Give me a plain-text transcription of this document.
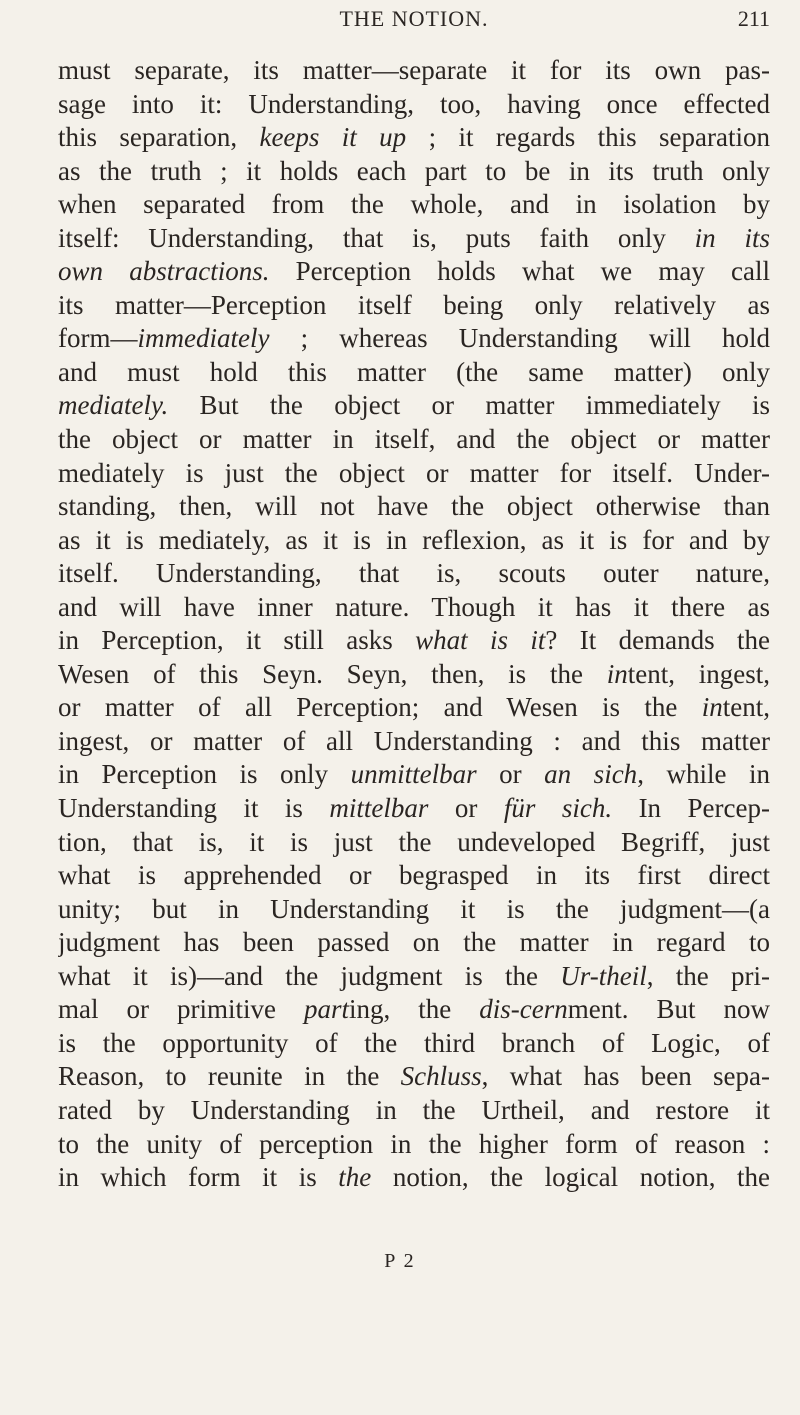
THE NOTION.	211
must separate, its matter—separate it for its own pas-
sage into it: Understanding, too, having once effected
this separation, keeps it up ; it regards this separation
as the truth ; it holds each part to be in its truth only
when separated from the whole, and in isolation by
itself: Understanding, that is, puts faith only in its
own abstractions. Perception holds what we may call
its matter—Perception itself being only relatively as
form—immediately ; whereas Understanding will hold
and must hold this matter (the same matter) only
mediately. But the object or matter immediately is
the object or matter in itself, and the object or matter
mediately is just the object or matter for itself. Under-
standing, then, will not have the object otherwise than
as it is mediately, as it is in reflexion, as it is for and by
itself. Understanding, that is, scouts outer nature,
and will have inner nature. Though it has it there as
in Perception, it still asks what is it? It demands the
Wesen of this Seyn. Seyn, then, is the intent, ingest,
or matter of all Perception; and Wesen is the intent,
ingest, or matter of all Understanding : and this matter
in Perception is only unmittelbar or an sich, while in
Understanding it is mittelbar or für sich. In Percep-
tion, that is, it is just the undeveloped Begriff, just
what is apprehended or begrasped in its first direct
unity; but in Understanding it is the judgment—(a
judgment has been passed on the matter in regard to
what it is)—and the judgment is the Ur-theil, the pri-
mal or primitive parting, the dis-cernment. But now
is the opportunity of the third branch of Logic, of
Reason, to reunite in the Schluss, what has been sepa-
rated by Understanding in the Urtheil, and restore it
to the unity of perception in the higher form of reason :
in which form it is the notion, the logical notion, the
P 2
